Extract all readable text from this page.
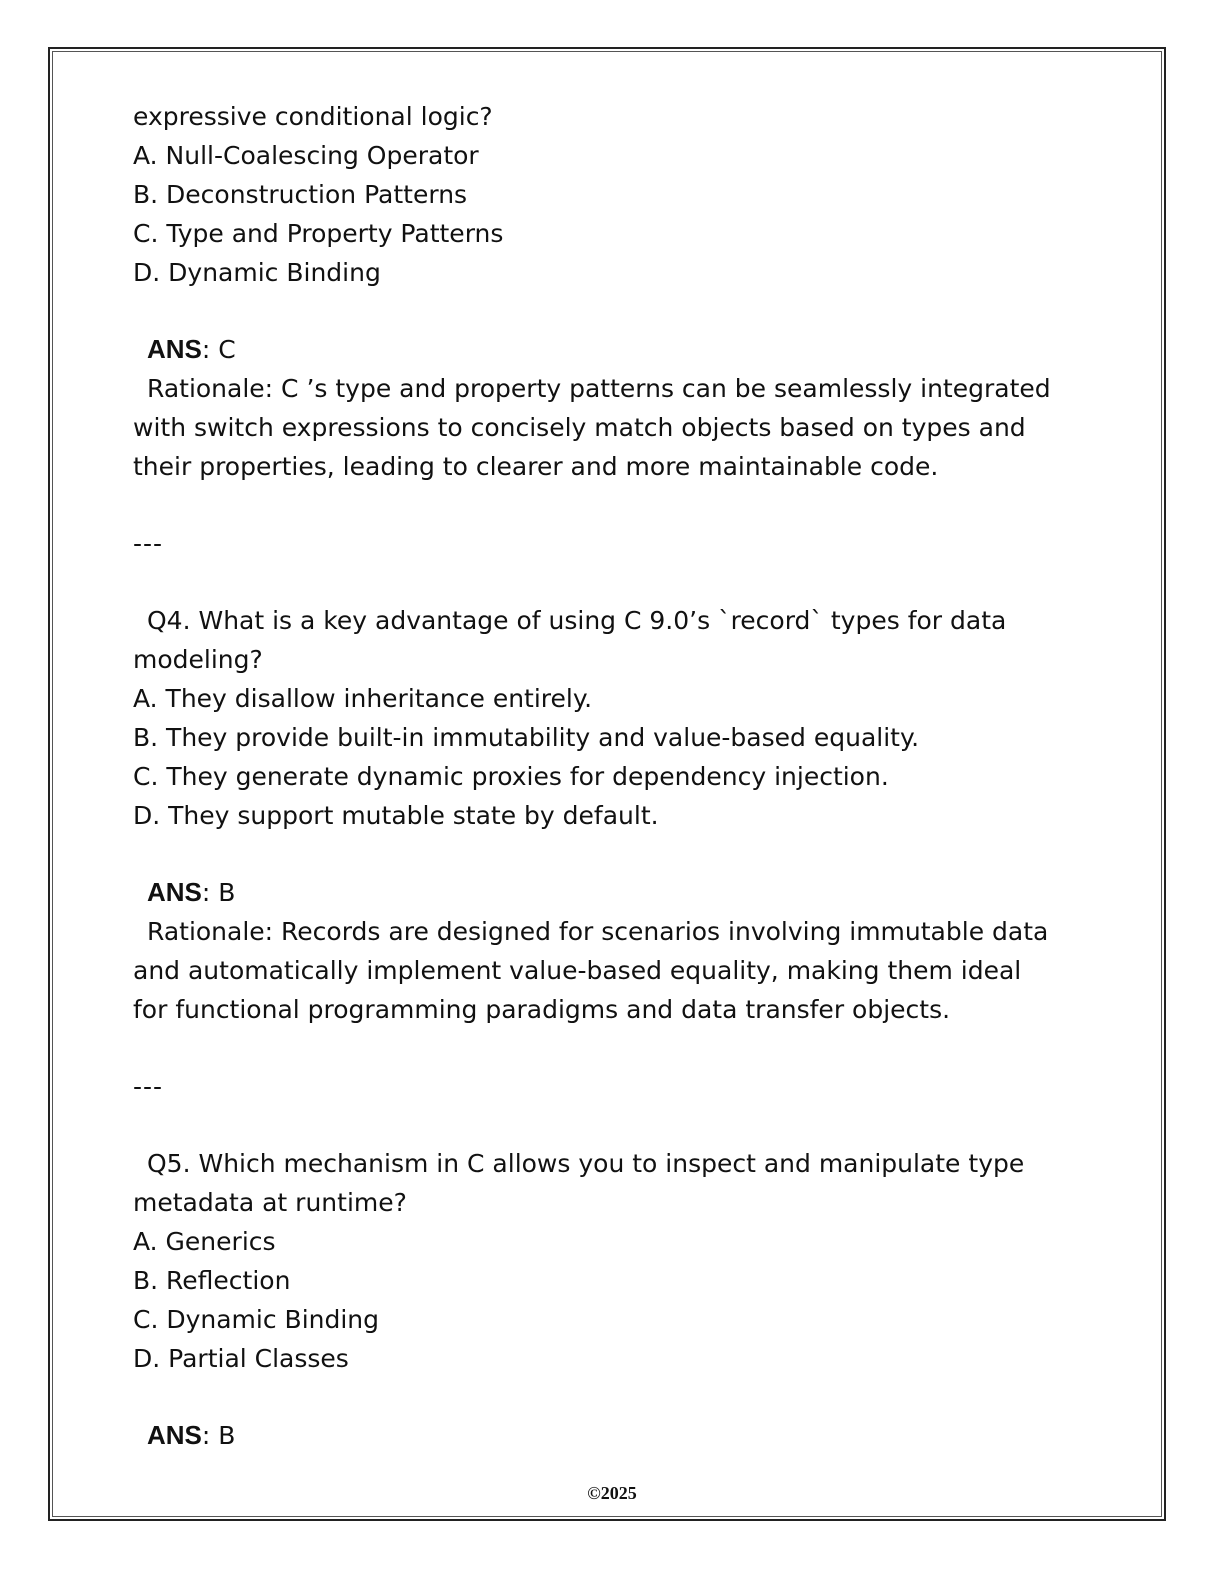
expressive conditional logic?
A. Null-Coalescing Operator
B. Deconstruction Patterns
C. Type and Property Patterns
D. Dynamic Binding
ANS: C
Rationale: C ’s type and property patterns can be seamlessly integrated
with switch expressions to concisely match objects based on types and
their properties, leading to clearer and more maintainable code.
---
Q4. What is a key advantage of using C 9.0’s `record` types for data
modeling?
A. They disallow inheritance entirely.
B. They provide built-in immutability and value-based equality.
C. They generate dynamic proxies for dependency injection.
D. They support mutable state by default.
ANS: B
Rationale: Records are designed for scenarios involving immutable data
and automatically implement value-based equality, making them ideal
for functional programming paradigms and data transfer objects.
---
Q5. Which mechanism in C allows you to inspect and manipulate type
metadata at runtime?
A. Generics
B. Reflection
C. Dynamic Binding
D. Partial Classes
ANS: B
©2025
